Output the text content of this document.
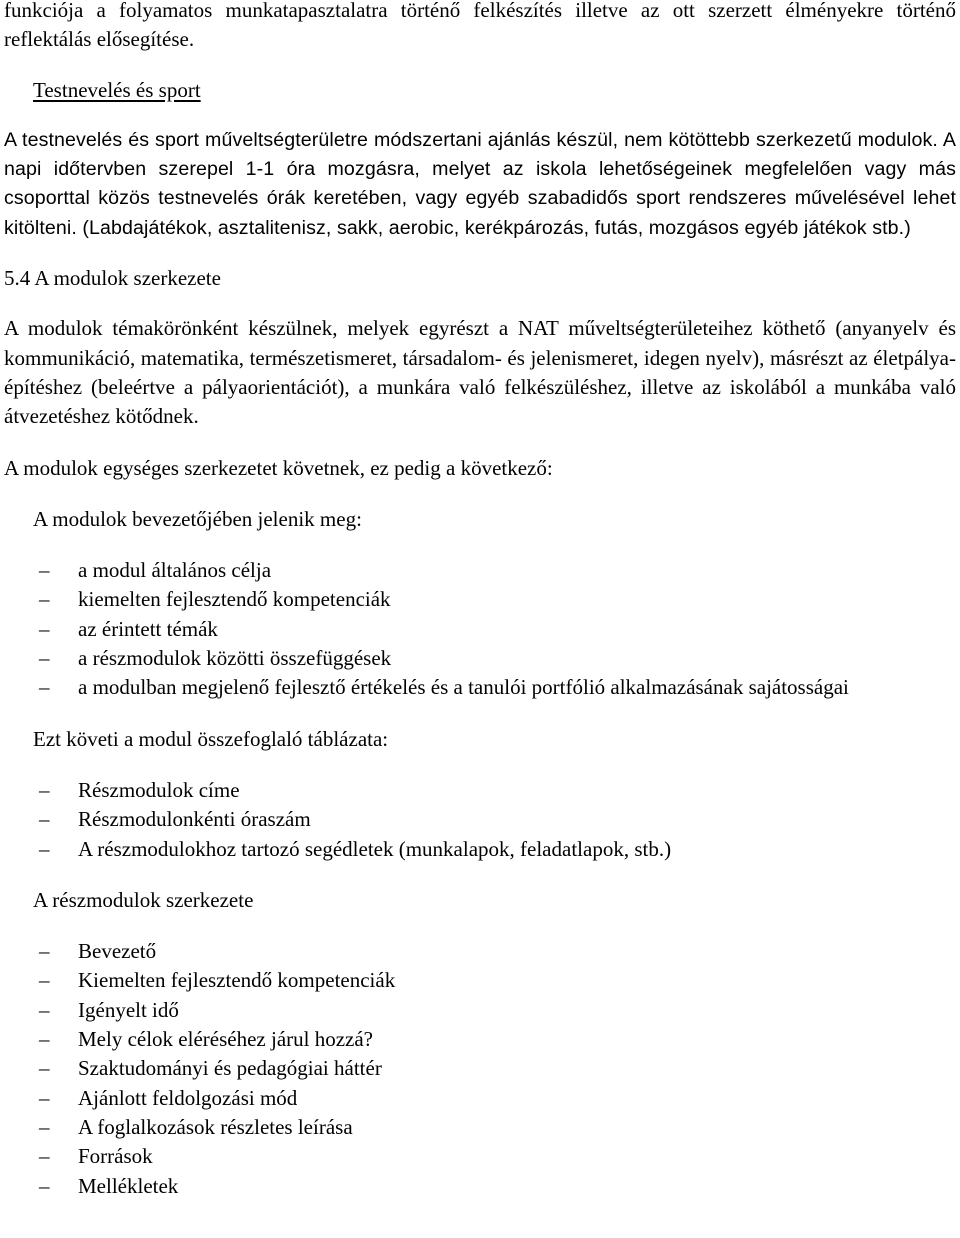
funkciója a folyamatos munkatapasztalatra történő felkészítés illetve az ott szerzett élményekre történő reflektálás elősegítése.

Testnevelés és sport

A testnevelés és sport műveltségterületre módszertani ajánlás készül, nem kötöttebb szerkezetű modulok. A napi időtervben szerepel 1-1 óra mozgásra, melyet az iskola lehetőségeinek megfelelően vagy más csoporttal közös testnevelés órák keretében, vagy egyéb szabadidős sport rendszeres művelésével lehet kitölteni. (Labdajátékok, asztalitenisz, sakk, aerobic, kerékpározás, futás, mozgásos egyéb játékok stb.)

5.4 A modulok szerkezete

A modulok témakörönként készülnek, melyek egyrészt a NAT műveltségterületeihez köthető (anyanyelv és kommunikáció, matematika, természetismeret, társadalom- és jelenismeret, idegen nyelv), másrészt az életpálya-építéshez (beleértve a pályaorientációt), a munkára való felkészüléshez, illetve az iskolából a munkába való átvezetéshez kötődnek.

A modulok egységes szerkezetet követnek, ez pedig a következő:

A modulok bevezetőjében jelenik meg:

–	a modul általános célja
–	kiemelten fejlesztendő kompetenciák
–	az érintett témák
–	a részmodulok közötti összefüggések
–	a modulban megjelenő fejlesztő értékelés és a tanulói portfólió alkalmazásának sajátosságai

Ezt követi a modul összefoglaló táblázata:

–	Részmodulok címe
–	Részmodulonkénti óraszám
–	A részmodulokhoz tartozó segédletek (munkalapok, feladatlapok, stb.)

A részmodulok szerkezete

–	Bevezető
–	Kiemelten fejlesztendő kompetenciák
–	Igényelt idő
–	Mely célok eléréséhez járul hozzá?
–	Szaktudományi és pedagógiai háttér
–	Ajánlott feldolgozási mód
–	A foglalkozások részletes leírása
–	Források
–	Mellékletek
